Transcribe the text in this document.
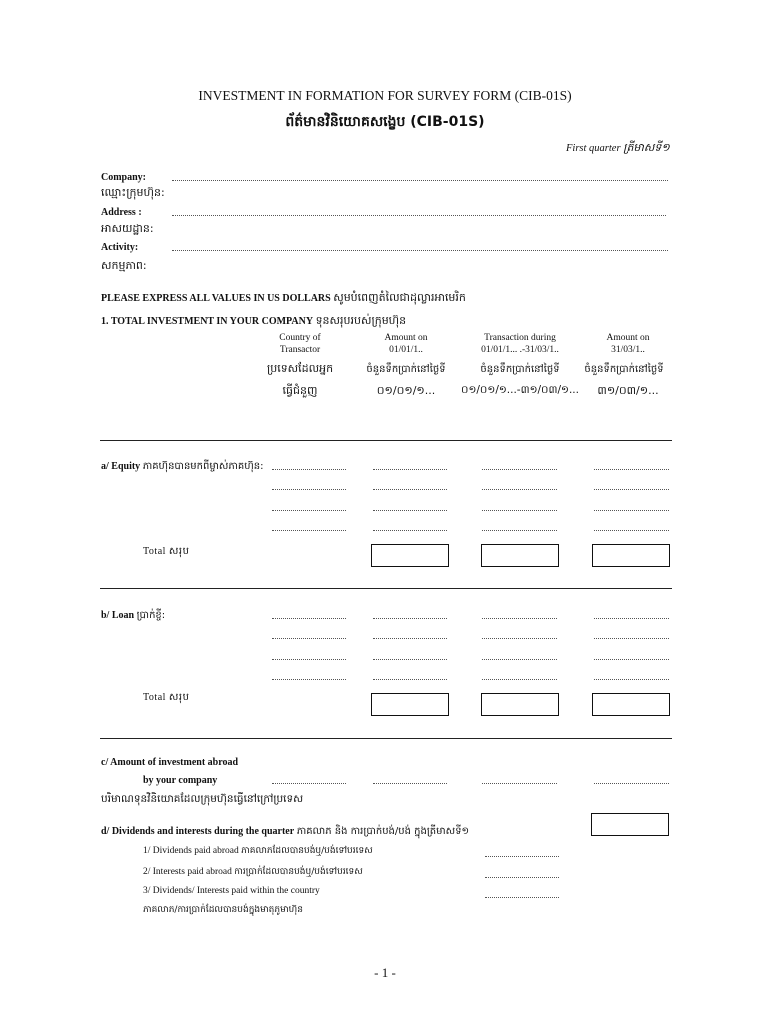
INVESTMENT IN FORMATION FOR SURVEY FORM (CIB-01S)
ព័ត៌មានវិនិយោគសង្ខេប (CIB-01S)
First quarter ត្រីមាសទី១
Company:
ឈ្មោះក្រុមហ៊ុន:
Address :
អាសយដ្ឋាន:
Activity:
សកម្មភាព:
PLEASE EXPRESS ALL VALUES IN US DOLLARS សូមបំពេញតំលៃជាដុល្លារអាមេរិក
1. TOTAL INVESTMENT IN YOUR COMPANY ទុនសរុបរបស់ក្រុមហ៊ុន
Country of
Transactor
ប្រទេសដែលអ្នក
ធ្វើជំនួញ
Amount on
01/01/1..
ចំនួនទឹកប្រាក់នៅថ្ងៃទី
០១/០១/១...
Transaction during
01/01/1... .-31/03/1..
ចំនួនទឹកប្រាក់នៅថ្ងៃទី
០១/០១/១...-៣១/០៣/១...
Amount on
31/03/1..
ចំនួនទឹកប្រាក់នៅថ្ងៃទី
៣១/០៣/១...
a/ Equity ភាគហ៊ុនបានមកពីម្ចាស់ភាគហ៊ុន:
Total សរុប
b/ Loan ប្រាក់ខ្ចី:
Total សរុប
c/ Amount of investment abroad
by your company
បរិមាណទុនវិនិយោគដែលក្រុមហ៊ុនធ្វើនៅក្រៅប្រទេស
d/ Dividends and interests during the quarter ភាគលាភ និង ការប្រាក់បង់/បង់ ក្នុងត្រីមាសទី១
1/ Dividends paid abroad ភាគលាភដែលបានបង់ឬ/បង់ទៅបរទេស
2/ Interests paid abroad ការប្រាក់ដែលបានបង់ឬ/បង់ទៅបរទេស
3/ Dividends/ Interests paid within the country
ភាគលាភ/ការប្រាក់ដែលបានបង់ក្នុងមាតុភូមាហ៊ុន
- 1 -
